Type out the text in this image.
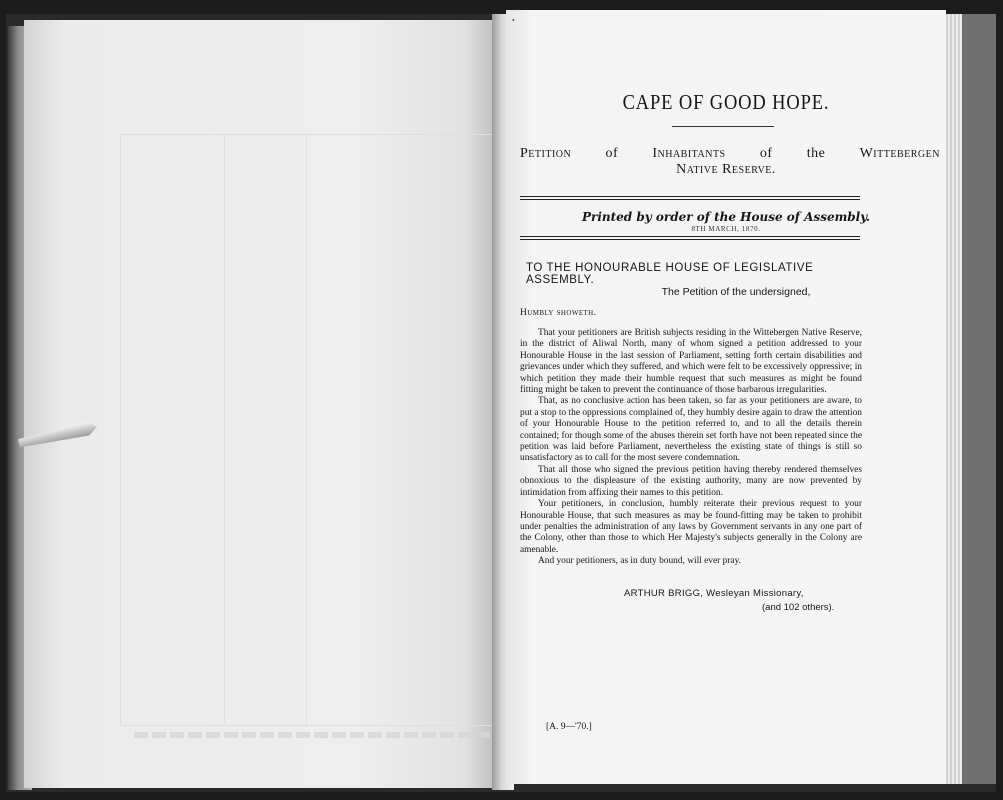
•
CAPE OF GOOD HOPE.
Petition of Inhabitants of the Wittebergen
Native Reserve.
Printed by order of the House of Assembly.
8TH MARCH, 1870.
TO THE HONOURABLE HOUSE OF LEGISLATIVE ASSEMBLY.
The Petition of the undersigned,
Humbly showeth.

That your petitioners are British subjects residing in the Wittebergen Native Reserve, in the district of Aliwal North, many of whom signed a petition addressed to your Honourable House in the last session of Parliament, setting forth certain disabilities and grievances under which they suffered, and which were felt to be excessively oppressive; in which petition they made their humble request that such measures as might be found fitting might be taken to prevent the continuance of those barbarous irregularities.

That, as no conclusive action has been taken, so far as your petitioners are aware, to put a stop to the oppressions complained of, they humbly desire again to draw the attention of your Honourable House to the petition referred to, and to all the details therein contained; for though some of the abuses therein set forth have not been repeated since the petition was laid before Parliament, nevertheless the existing state of things is still so unsatisfactory as to call for the most severe condemnation.

That all those who signed the previous petition having thereby rendered themselves obnoxious to the displeasure of the existing authority, many are now prevented by intimidation from affixing their names to this petition.

Your petitioners, in conclusion, humbly reiterate their previous request to your Honourable House, that such measures as may be found-fitting may be taken to prohibit under penalties the administration of any laws by Government servants in any one part of the Colony, other than those to which Her Majesty's subjects generally in the Colony are amenable.

And your petitioners, as in duty bound, will ever pray.

ARTHUR BRIGG, Wesleyan Missionary,
(and 102 others).
[A. 9—'70.]
